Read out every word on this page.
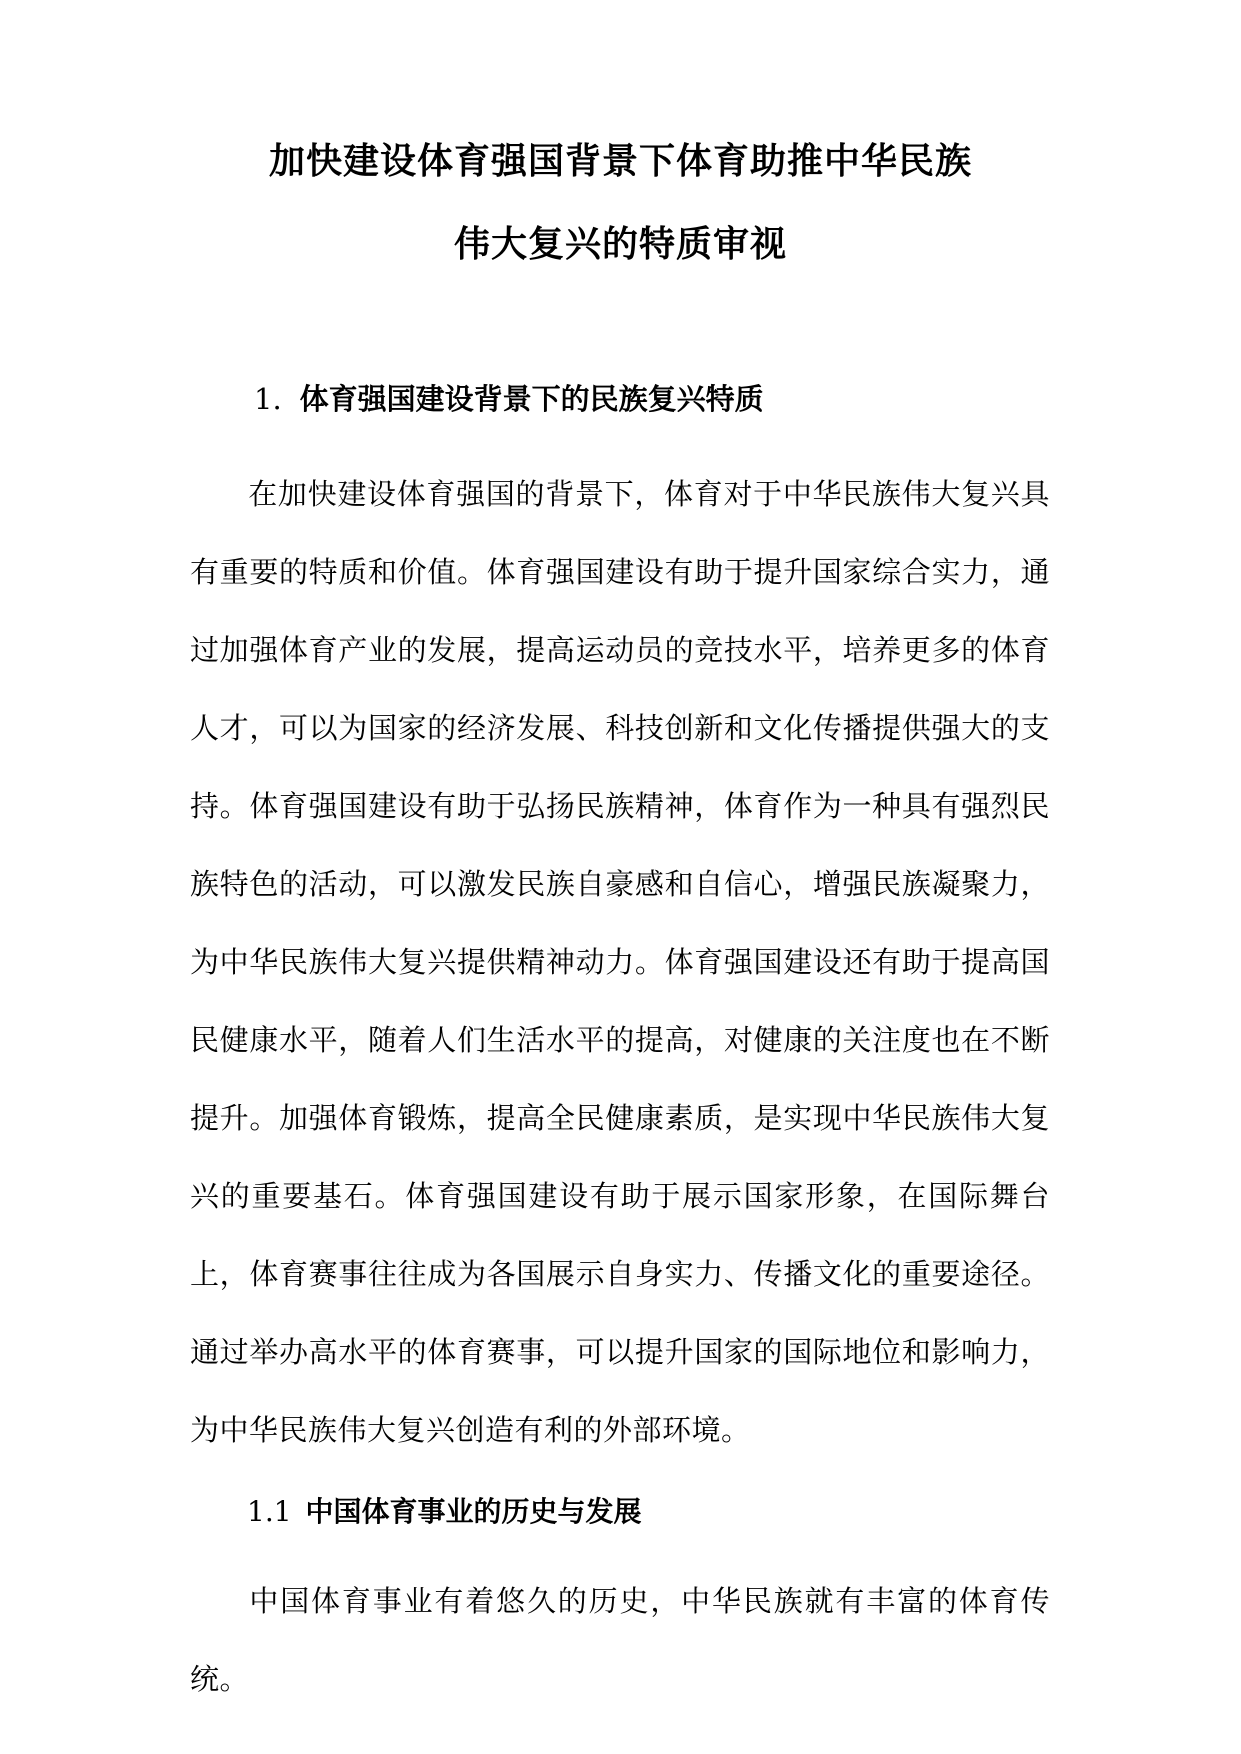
加快建设体育强国背景下体育助推中华民族
伟大复兴的特质审视
1. 体育强国建设背景下的民族复兴特质
在加快建设体育强国的背景下，体育对于中华民族伟大复兴具有重要的特质和价值。体育强国建设有助于提升国家综合实力，通过加强体育产业的发展，提高运动员的竞技水平，培养更多的体育人才，可以为国家的经济发展、科技创新和文化传播提供强大的支持。体育强国建设有助于弘扬民族精神，体育作为一种具有强烈民族特色的活动，可以激发民族自豪感和自信心，增强民族凝聚力，为中华民族伟大复兴提供精神动力。体育强国建设还有助于提高国民健康水平，随着人们生活水平的提高，对健康的关注度也在不断提升。加强体育锻炼，提高全民健康素质，是实现中华民族伟大复兴的重要基石。体育强国建设有助于展示国家形象，在国际舞台上，体育赛事往往成为各国展示自身实力、传播文化的重要途径。通过举办高水平的体育赛事，可以提升国家的国际地位和影响力，为中华民族伟大复兴创造有利的外部环境。
1.1 中国体育事业的历史与发展
中国体育事业有着悠久的历史，中华民族就有丰富的体育传统。
